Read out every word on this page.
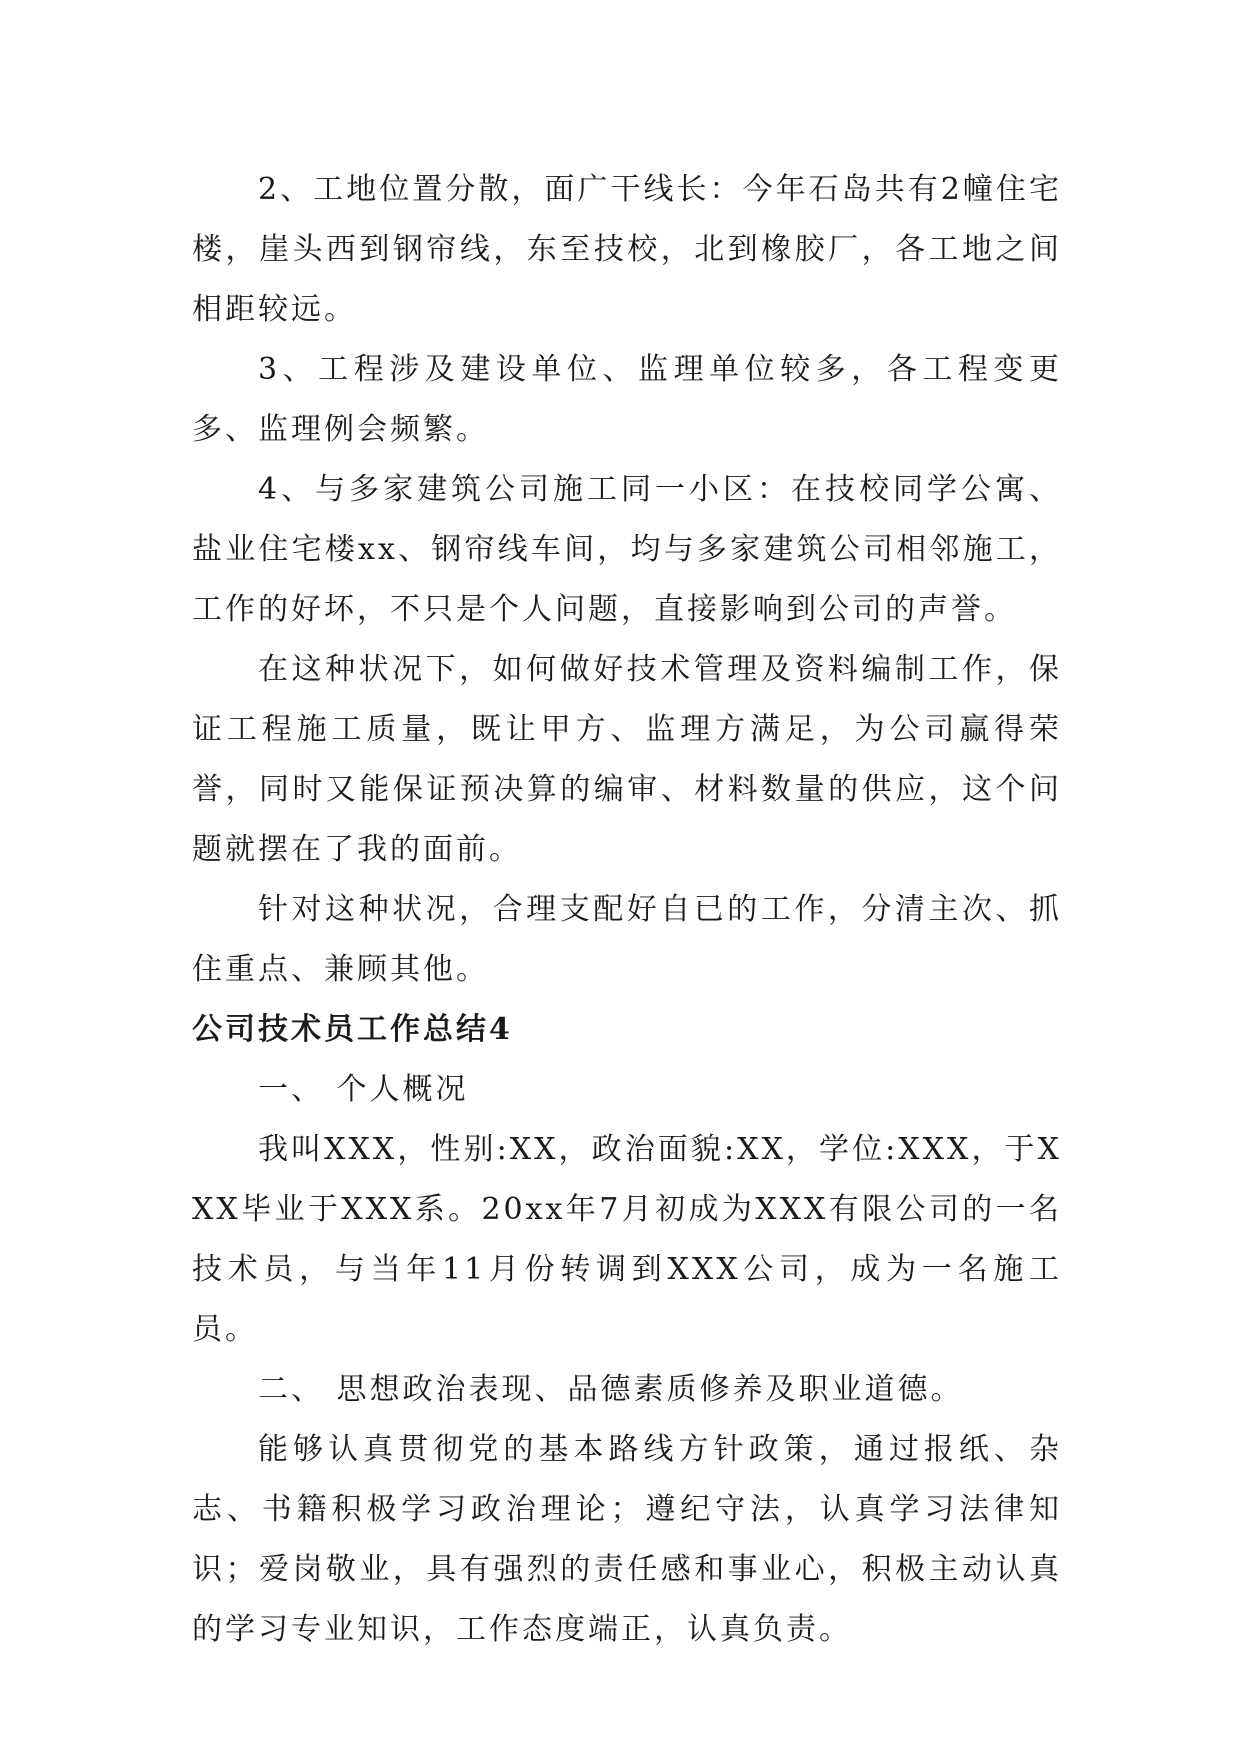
2、工地位置分散，面广干线长：今年石岛共有2幢住宅楼，崖头西到钢帘线，东至技校，北到橡胶厂，各工地之间相距较远。

3、工程涉及建设单位、监理单位较多，各工程变更多、监理例会频繁。

4、与多家建筑公司施工同一小区：在技校同学公寓、盐业住宅楼xx、钢帘线车间，均与多家建筑公司相邻施工，工作的好坏，不只是个人问题，直接影响到公司的声誉。

在这种状况下，如何做好技术管理及资料编制工作，保证工程施工质量，既让甲方、监理方满足，为公司赢得荣誉，同时又能保证预决算的编审、材料数量的供应，这个问题就摆在了我的面前。

针对这种状况，合理支配好自已的工作，分清主次、抓住重点、兼顾其他。

公司技术员工作总结4

一、 个人概况

我叫XXX，性别:XX，政治面貌:XX，学位:XXX，于XXX毕业于XXX系。20xx年7月初成为XXX有限公司的一名技术员，与当年11月份转调到XXX公司，成为一名施工员。

二、 思想政治表现、品德素质修养及职业道德。

能够认真贯彻党的基本路线方针政策，通过报纸、杂志、书籍积极学习政治理论；遵纪守法，认真学习法律知识；爱岗敬业，具有强烈的责任感和事业心，积极主动认真的学习专业知识，工作态度端正，认真负责。
